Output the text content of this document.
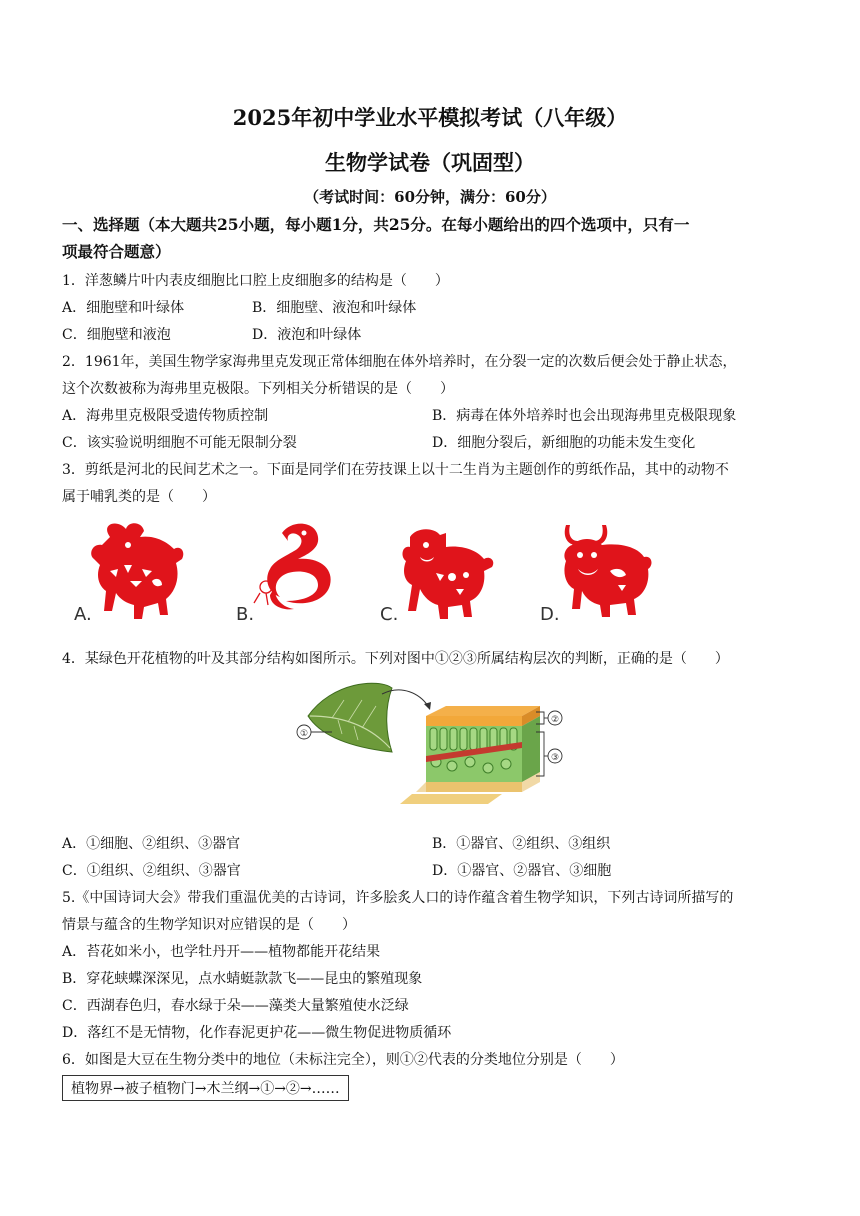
2025年初中学业水平模拟考试（八年级）
生物学试卷（巩固型）
（考试时间：60分钟，满分：60分）
一、选择题（本大题共25小题，每小题1分，共25分。在每小题给出的四个选项中，只有一
项最符合题意）
1．洋葱鳞片叶内表皮细胞比口腔上皮细胞多的结构是（　　）
A．细胞壁和叶绿体	B．细胞壁、液泡和叶绿体
C．细胞壁和液泡	D．液泡和叶绿体
2．1961年，美国生物学家海弗里克发现正常体细胞在体外培养时，在分裂一定的次数后便会处于静止状态，
这个次数被称为海弗里克极限。下列相关分析错误的是（　　）
A．海弗里克极限受遗传物质控制	B．病毒在体外培养时也会出现海弗里克极限现象
C．该实验说明细胞不可能无限制分裂	D．细胞分裂后，新细胞的功能未发生变化
3．剪纸是河北的民间艺术之一。下面是同学们在劳技课上以十二生肖为主题创作的剪纸作品，其中的动物不
属于哺乳类的是（　　）
A.	B.	C.	D.
4．某绿色开花植物的叶及其部分结构如图所示。下列对图中①②③所属结构层次的判断，正确的是（　　）
①
②
③
A．①细胞、②组织、③器官	B．①器官、②组织、③组织
C．①组织、②组织、③器官	D．①器官、②器官、③细胞
5.《中国诗词大会》带我们重温优美的古诗词，许多脍炙人口的诗作蕴含着生物学知识，下列古诗词所描写的
情景与蕴含的生物学知识对应错误的是（　　）
A．苔花如米小，也学牡丹开——植物都能开花结果
B．穿花蛱蝶深深见，点水蜻蜓款款飞——昆虫的繁殖现象
C．西湖春色归，春水绿于朵——藻类大量繁殖使水泛绿
D．落红不是无情物，化作春泥更护花——微生物促进物质循环
6．如图是大豆在生物分类中的地位（未标注完全），则①②代表的分类地位分别是（　　）
植物界→被子植物门→木兰纲→①→②→……
